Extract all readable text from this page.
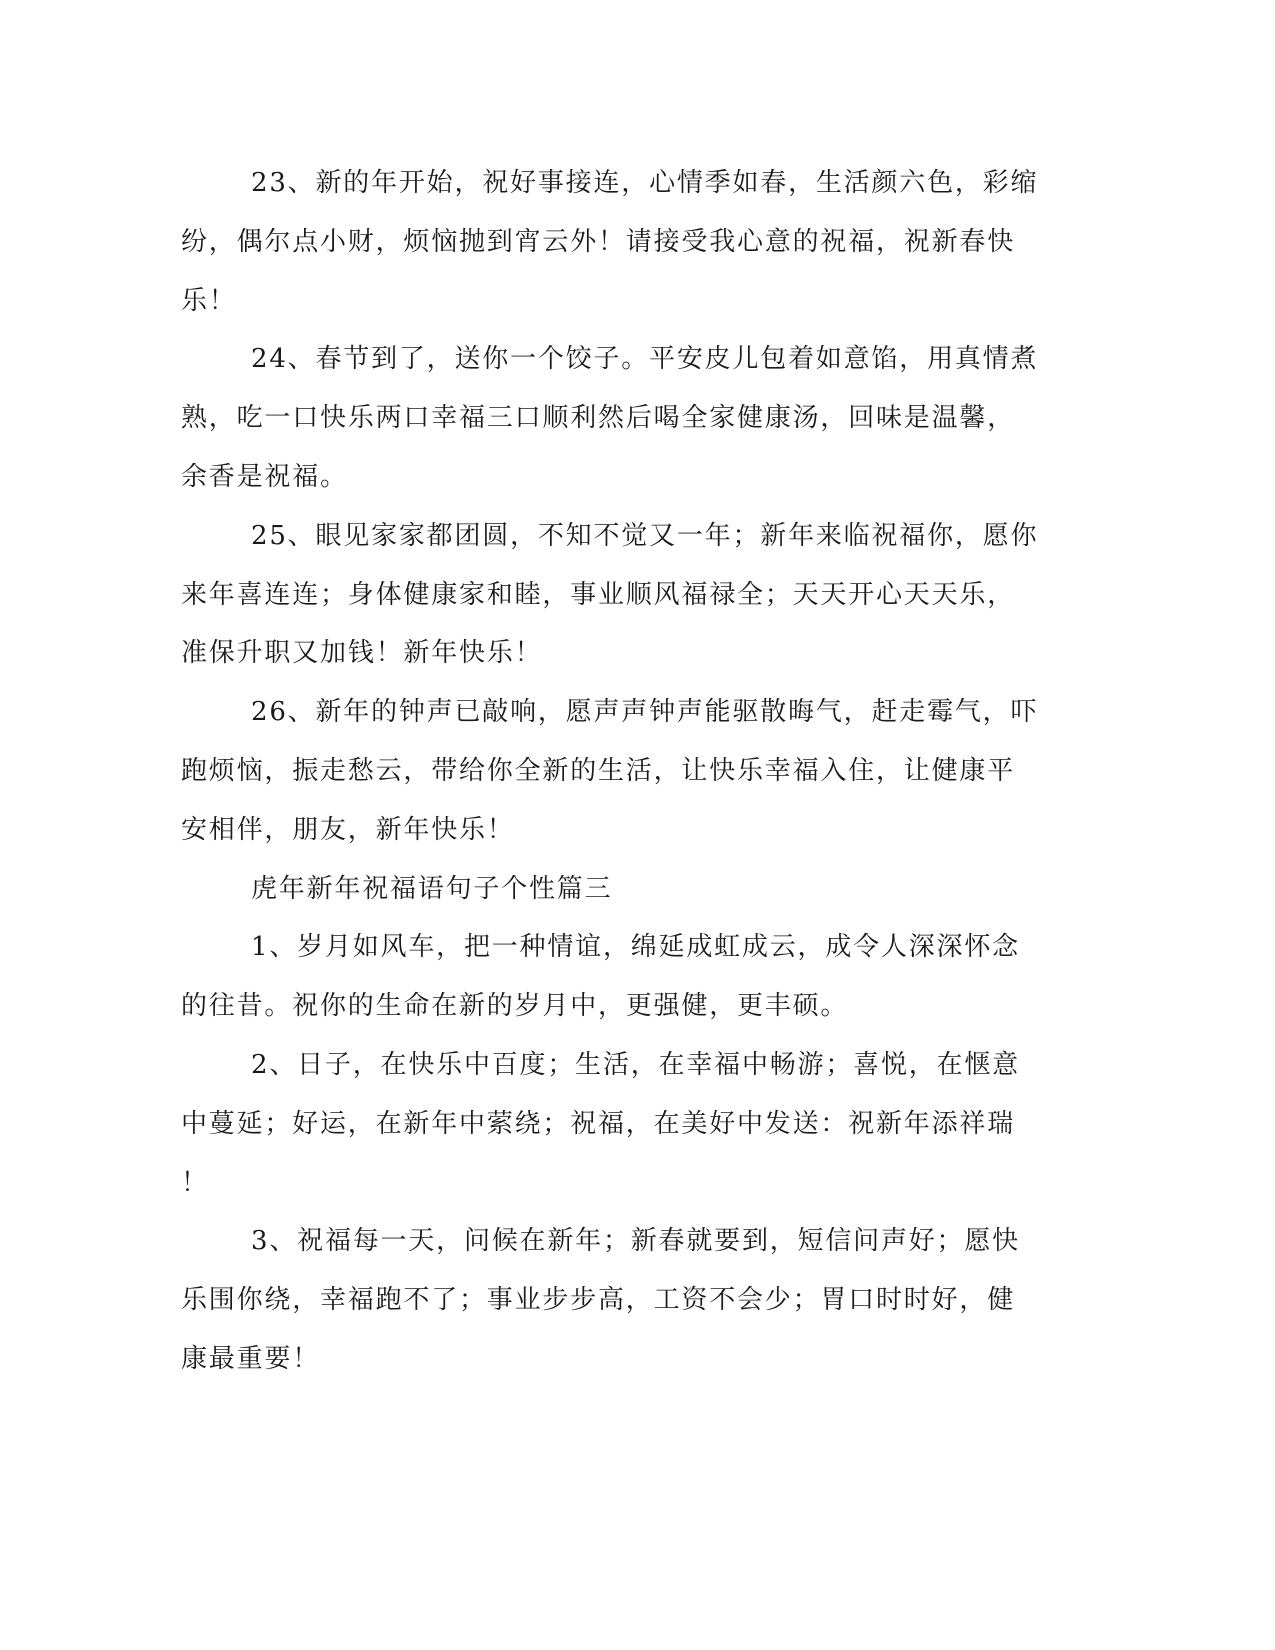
23、新的年开始，祝好事接连，心情季如春，生活颜六色，彩缩
纷，偶尔点小财，烦恼抛到宵云外！请接受我心意的祝福，祝新春快
乐！
24、春节到了，送你一个饺子。平安皮儿包着如意馅，用真情煮
熟，吃一口快乐两口幸福三口顺利然后喝全家健康汤，回味是温馨，
余香是祝福。
25、眼见家家都团圆，不知不觉又一年；新年来临祝福你，愿你
来年喜连连；身体健康家和睦，事业顺风福禄全；天天开心天天乐，
准保升职又加钱！新年快乐！
26、新年的钟声已敲响，愿声声钟声能驱散晦气，赶走霉气，吓
跑烦恼，振走愁云，带给你全新的生活，让快乐幸福入住，让健康平
安相伴，朋友，新年快乐！
虎年新年祝福语句子个性篇三
1、岁月如风车，把一种情谊，绵延成虹成云，成令人深深怀念
的往昔。祝你的生命在新的岁月中，更强健，更丰硕。
2、日子，在快乐中百度；生活，在幸福中畅游；喜悦，在惬意
中蔓延；好运，在新年中萦绕；祝福，在美好中发送：祝新年添祥瑞
！
3、祝福每一天，问候在新年；新春就要到，短信问声好；愿快
乐围你绕，幸福跑不了；事业步步高，工资不会少；胃口时时好，健
康最重要！
